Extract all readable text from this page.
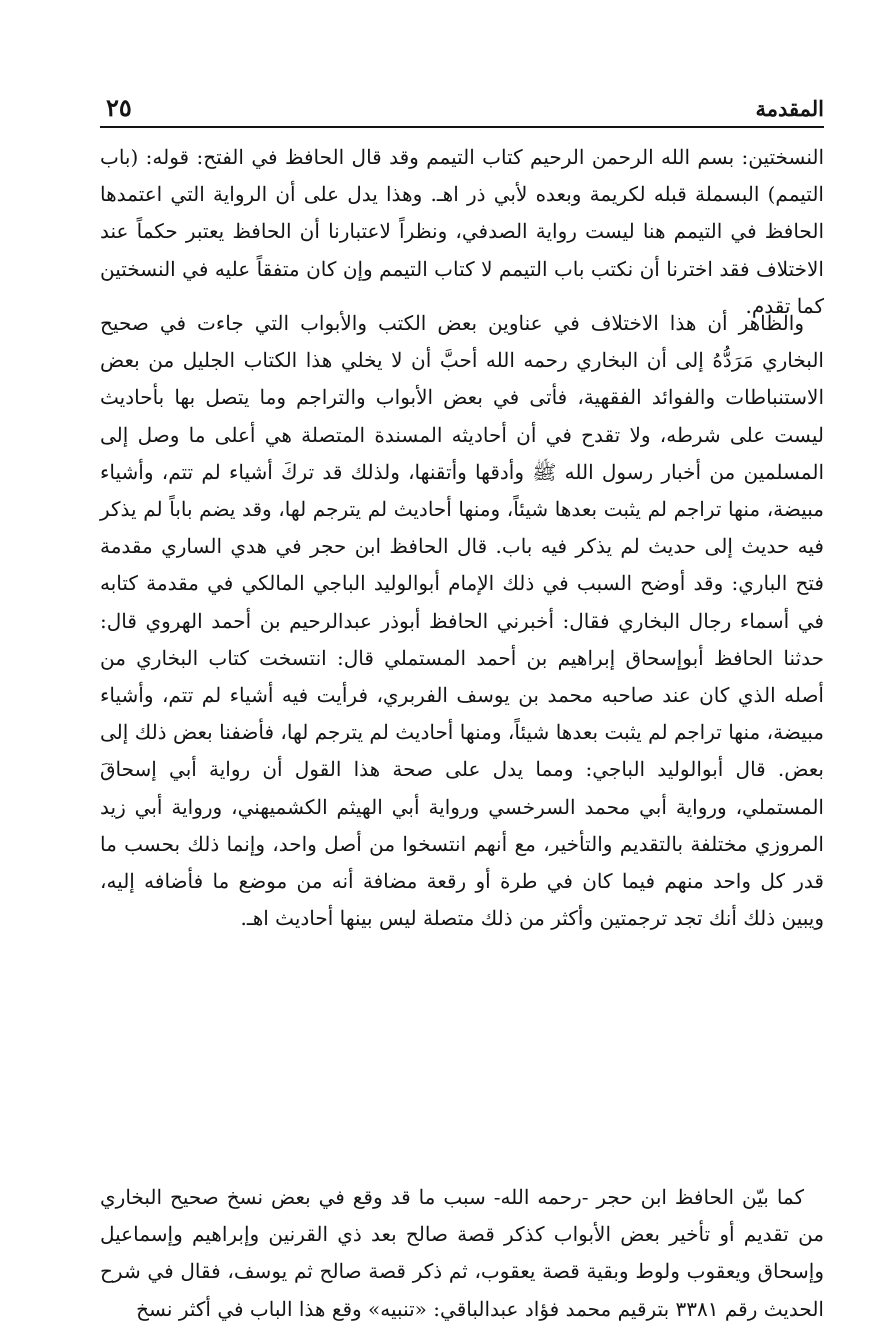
المقدمة
٢٥

النسختين: بسم الله الرحمن الرحيم كتاب التيمم وقد قال الحافظ في الفتح: قوله: (باب التيمم) البسملة قبله لكريمة وبعده لأبي ذر اهـ. وهذا يدل على أن الرواية التي اعتمدها الحافظ في التيمم هنا ليست رواية الصدفي، ونظراً لاعتبارنا أن الحافظ يعتبر حكماً عند الاختلاف فقد اخترنا أن نكتب باب التيمم لا كتاب التيمم وإن كان متفقاً عليه في النسختين كما تقدم.

والظاهر أن هذا الاختلاف في عناوين بعض الكتب والأبواب التي جاءت في صحيح البخاري مَرَدُّهُ إلى أن البخاري رحمه الله أحبَّ أن لا يخلي هذا الكتاب الجليل من بعض الاستنباطات والفوائد الفقهية، فأتى في بعض الأبواب والتراجم وما يتصل بها بأحاديث ليست على شرطه، ولا تقدح في أن أحاديثه المسندة المتصلة هي أعلى ما وصل إلى المسلمين من أخبار رسول الله ﷺ وأدقها وأتقنها، ولذلك قد تركَ أشياء لم تتم، وأشياء مبيضة، منها تراجم لم يثبت بعدها شيئاً، ومنها أحاديث لم يترجم لها، وقد يضم باباً لم يذكر فيه حديث إلى حديث لم يذكر فيه باب. قال الحافظ ابن حجر في هدي الساري مقدمة فتح الباري: وقد أوضح السبب في ذلك الإمام أبوالوليد الباجي المالكي في مقدمة كتابه في أسماء رجال البخاري فقال: أخبرني الحافظ أبوذر عبدالرحيم بن أحمد الهروي قال: حدثنا الحافظ أبوإسحاق إبراهيم بن أحمد المستملي قال: انتسخت كتاب البخاري من أصله الذي كان عند صاحبه محمد بن يوسف الفربري، فرأيت فيه أشياء لم تتم، وأشياء مبيضة، منها تراجم لم يثبت بعدها شيئاً، ومنها أحاديث لم يترجم لها، فأضفنا بعض ذلك إلى بعض. قال أبوالوليد الباجي: ومما يدل على صحة هذا القول أن رواية أبي إسحاقَ المستملي، ورواية أبي محمد السرخسي ورواية أبي الهيثم الكشميهني، ورواية أبي زيد المروزي مختلفة بالتقديم والتأخير، مع أنهم انتسخوا من أصل واحد، وإنما ذلك بحسب ما قدر كل واحد منهم فيما كان في طرة أو رقعة مضافة أنه من موضع ما فأضافه إليه، ويبين ذلك أنك تجد ترجمتين وأكثر من ذلك متصلة ليس بينها أحاديث اهـ.

كما بيّن الحافظ ابن حجر -رحمه الله- سبب ما قد وقع في بعض نسخ صحيح البخاري من تقديم أو تأخير بعض الأبواب كذكر قصة صالح بعد ذي القرنين وإبراهيم وإسماعيل وإسحاق ويعقوب ولوط وبقية قصة يعقوب، ثم ذكر قصة صالح ثم يوسف، فقال في شرح الحديث رقم ٣٣٨١ بترقيم محمد فؤاد عبدالباقي: «تنبيه» وقع هذا الباب في أكثر نسخ
